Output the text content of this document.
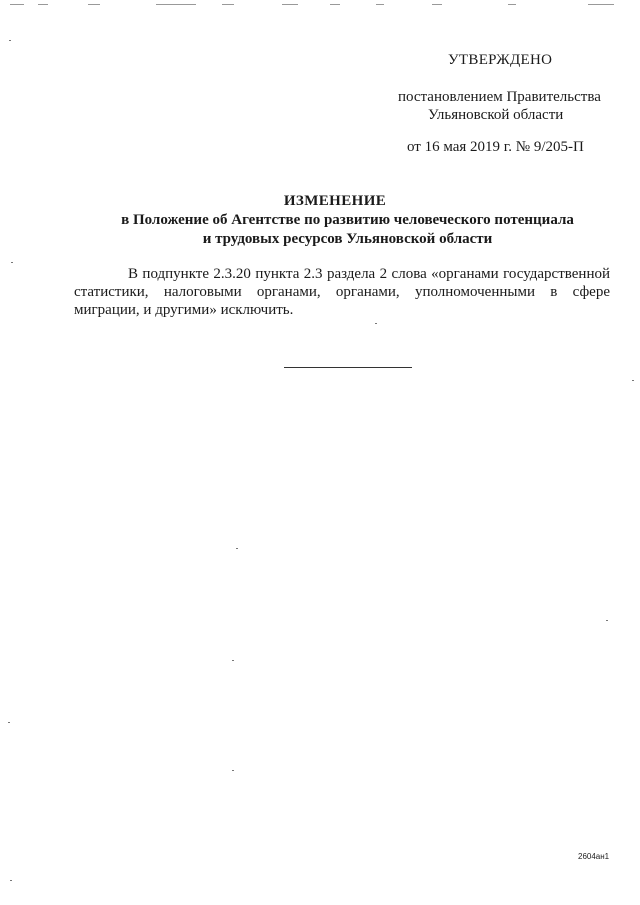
УТВЕРЖДЕНО
постановлением Правительства
Ульяновской области
от 16 мая 2019 г. № 9/205-П
ИЗМЕНЕНИЕ
в Положение об Агентстве по развитию человеческого потенциала
и трудовых ресурсов Ульяновской области
В подпункте 2.3.20 пункта 2.3 раздела 2 слова «органами государственной
статистики, налоговыми органами, органами, уполномоченными в сфере
миграции, и другими» исключить.
2604ан1
